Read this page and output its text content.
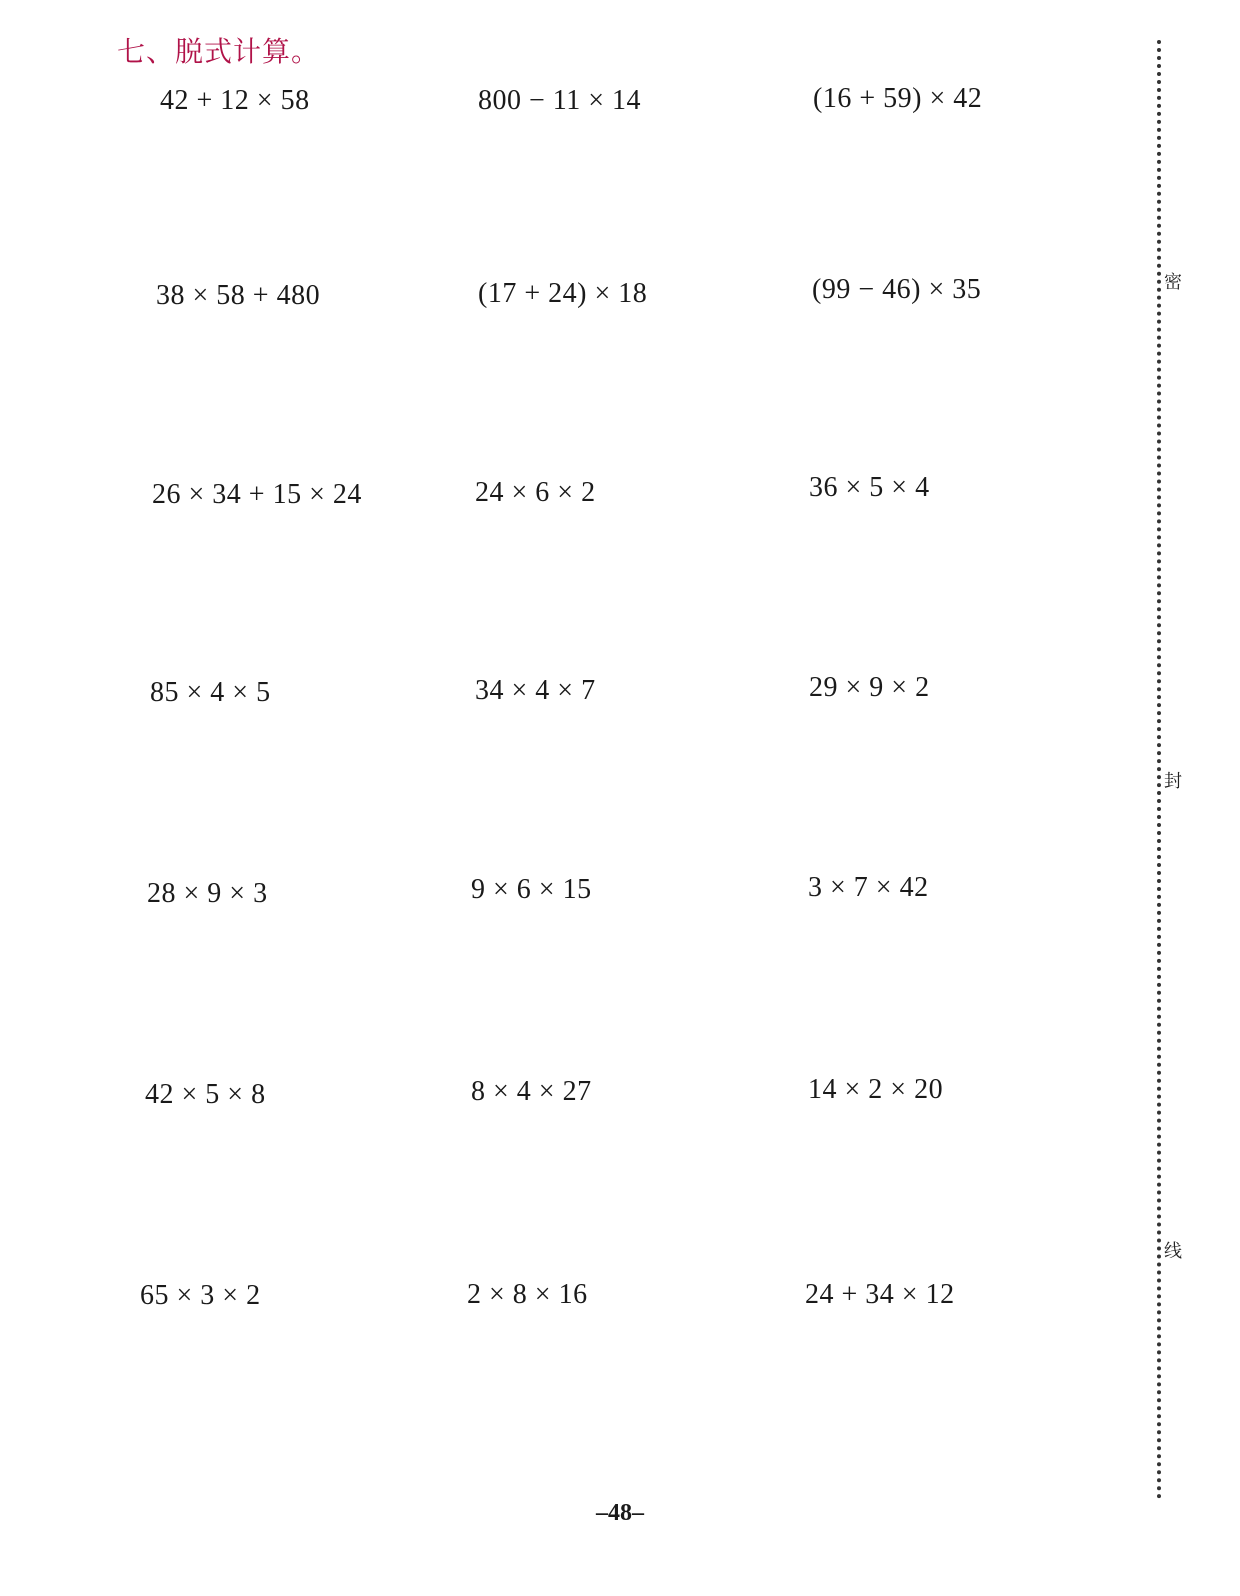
七、脱式计算。
42 + 12 × 58	800 − 11 × 14	(16 + 59) × 42
38 × 58 + 480	(17 + 24) × 18	(99 − 46) × 35
26 × 34 + 15 × 24	24 × 6 × 2	36 × 5 × 4
85 × 4 × 5	34 × 4 × 7	29 × 9 × 2
28 × 9 × 3	9 × 6 × 15	3 × 7 × 42
42 × 5 × 8	8 × 4 × 27	14 × 2 × 20
65 × 3 × 2	2 × 8 × 16	24 + 34 × 12
–48–
密
封
线
